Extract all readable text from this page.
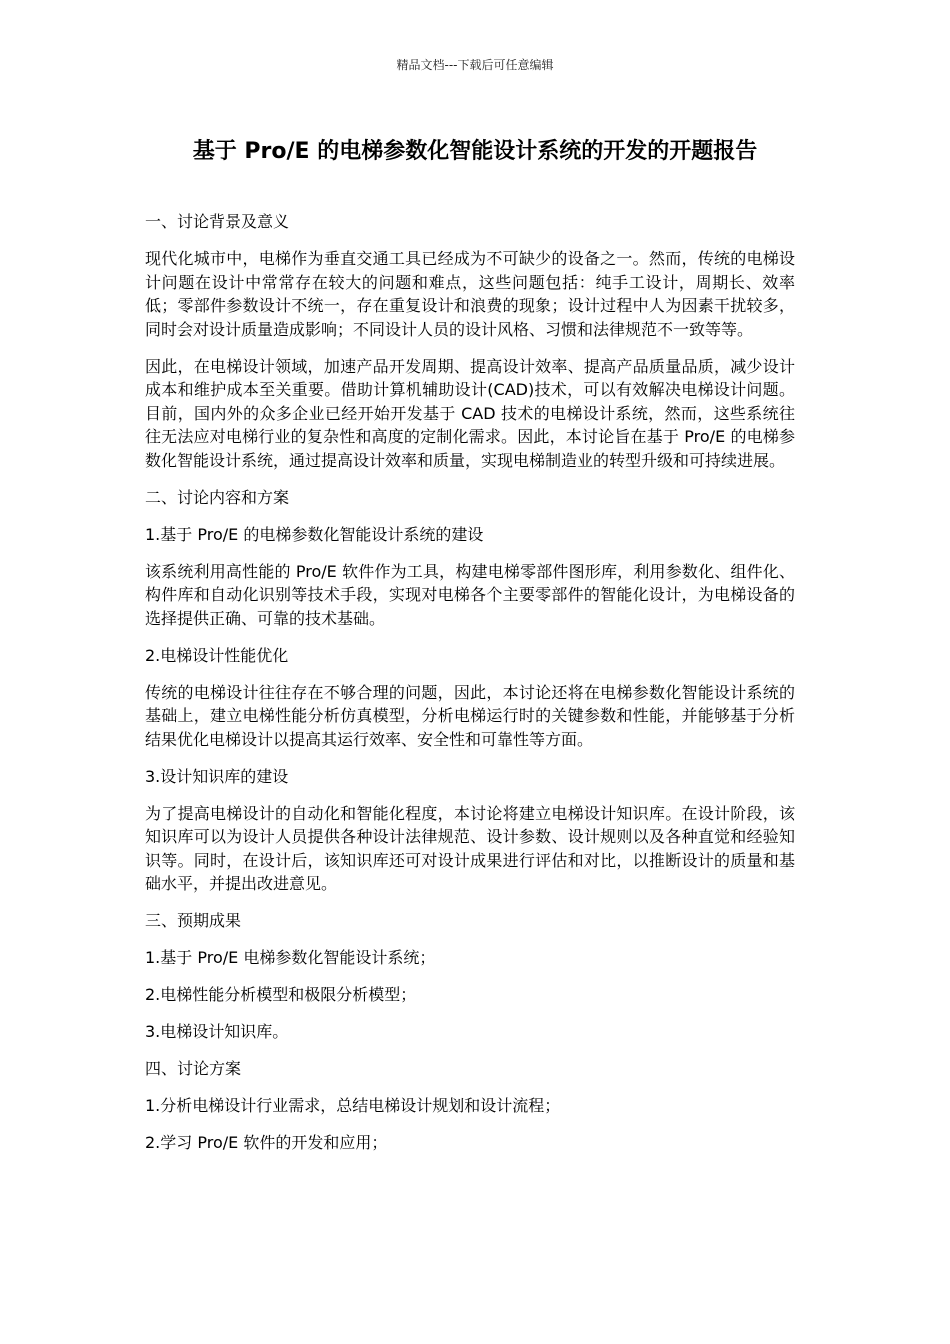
精品文档---下载后可任意编辑
基于 Pro/E 的电梯参数化智能设计系统的开发的开题报告
一、讨论背景及意义
现代化城市中，电梯作为垂直交通工具已经成为不可缺少的设备之一。然而，传统的电梯设计问题在设计中常常存在较大的问题和难点，这些问题包括：纯手工设计，周期长、效率低；零部件参数设计不统一，存在重复设计和浪费的现象；设计过程中人为因素干扰较多，同时会对设计质量造成影响；不同设计人员的设计风格、习惯和法律规范不一致等等。
因此，在电梯设计领域，加速产品开发周期、提高设计效率、提高产品质量品质，减少设计成本和维护成本至关重要。借助计算机辅助设计(CAD)技术，可以有效解决电梯设计问题。目前，国内外的众多企业已经开始开发基于 CAD 技术的电梯设计系统，然而，这些系统往往无法应对电梯行业的复杂性和高度的定制化需求。因此，本讨论旨在基于 Pro/E 的电梯参数化智能设计系统，通过提高设计效率和质量，实现电梯制造业的转型升级和可持续进展。
二、讨论内容和方案
1.基于 Pro/E 的电梯参数化智能设计系统的建设
该系统利用高性能的 Pro/E 软件作为工具，构建电梯零部件图形库，利用参数化、组件化、构件库和自动化识别等技术手段，实现对电梯各个主要零部件的智能化设计，为电梯设备的选择提供正确、可靠的技术基础。
2.电梯设计性能优化
传统的电梯设计往往存在不够合理的问题，因此，本讨论还将在电梯参数化智能设计系统的基础上，建立电梯性能分析仿真模型，分析电梯运行时的关键参数和性能，并能够基于分析结果优化电梯设计以提高其运行效率、安全性和可靠性等方面。
3.设计知识库的建设
为了提高电梯设计的自动化和智能化程度，本讨论将建立电梯设计知识库。在设计阶段，该知识库可以为设计人员提供各种设计法律规范、设计参数、设计规则以及各种直觉和经验知识等。同时，在设计后，该知识库还可对设计成果进行评估和对比，以推断设计的质量和基础水平，并提出改进意见。
三、预期成果
1.基于 Pro/E 电梯参数化智能设计系统；
2.电梯性能分析模型和极限分析模型；
3.电梯设计知识库。
四、讨论方案
1.分析电梯设计行业需求，总结电梯设计规划和设计流程；
2.学习 Pro/E 软件的开发和应用；
